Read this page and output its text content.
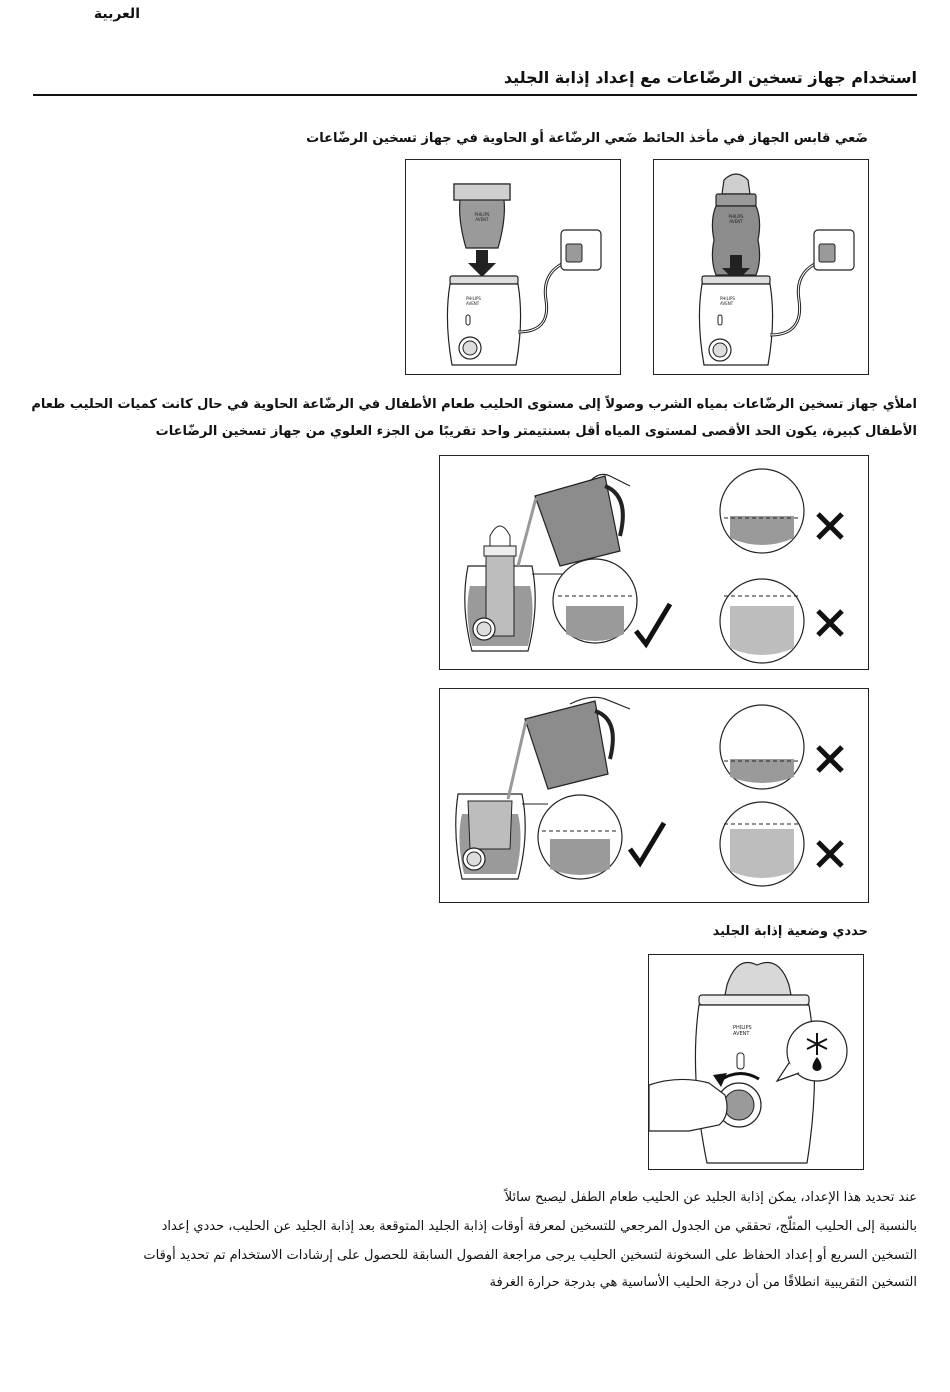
العربية
استخدام جهاز تسخين الرضّاعات مع إعداد إذابة الجليد
ضَعي قابس الجهاز في مأخذ الحائط ضَعي الرضّاعة أو الحاوية في جهاز تسخين الرضّاعات
PHILIPS
AVENT
PHILIPS
AVENT
PHILIPS
AVENT
PHILIPS
AVENT
املأي جهاز تسخين الرضّاعات بمياه الشرب وصولاً إلى مستوى الحليب طعام الأطفال في الرضّاعة الحاوية في حال كانت كميات الحليب طعام
الأطفال كبيرة، يكون الحد الأقصى لمستوى المياه أقل بسنتيمتر واحد تقريبًا من الجزء العلوي من جهاز تسخين الرضّاعات
حددي وضعية إذابة الجليد
PHILIPS
AVENT
عند تحديد هذا الإعداد، يمكن إذابة الجليد عن الحليب طعام الطفل ليصبح سائلاً
بالنسبة إلى الحليب المثلّج، تحققي من الجدول المرجعي للتسخين لمعرفة أوقات إذابة الجليد المتوقعة بعد إذابة الجليد عن الحليب، حددي إعداد
التسخين السريع أو إعداد الحفاظ على السخونة لتسخين الحليب يرجى مراجعة الفصول السابقة للحصول على إرشادات الاستخدام تم تحديد أوقات
التسخين التقريبية انطلاقًا من أن درجة الحليب الأساسية هي بدرجة حرارة الغرفة
